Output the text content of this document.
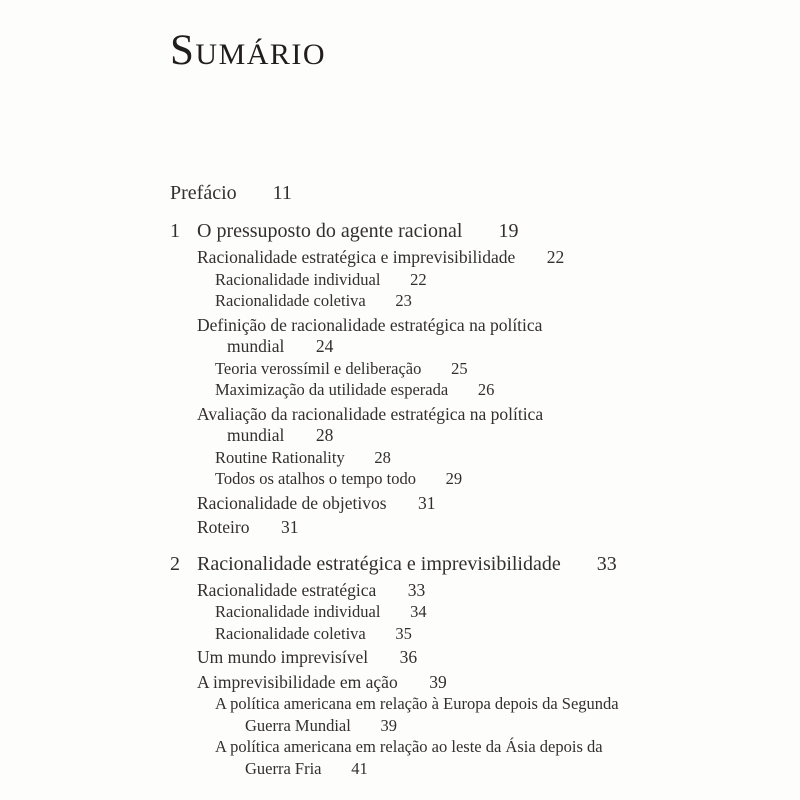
Sumário
Prefácio 11
1 O pressuposto do agente racional 19
Racionalidade estratégica e imprevisibilidade 22
Racionalidade individual 22
Racionalidade coletiva 23
Definição de racionalidade estratégica na política mundial 24
Teoria verossímil e deliberação 25
Maximização da utilidade esperada 26
Avaliação da racionalidade estratégica na política mundial 28
Routine Rationality 28
Todos os atalhos o tempo todo 29
Racionalidade de objetivos 31
Roteiro 31
2 Racionalidade estratégica e imprevisibilidade 33
Racionalidade estratégica 33
Racionalidade individual 34
Racionalidade coletiva 35
Um mundo imprevisível 36
A imprevisibilidade em ação 39
A política americana em relação à Europa depois da Segunda Guerra Mundial 39
A política americana em relação ao leste da Ásia depois da Guerra Fria 41
